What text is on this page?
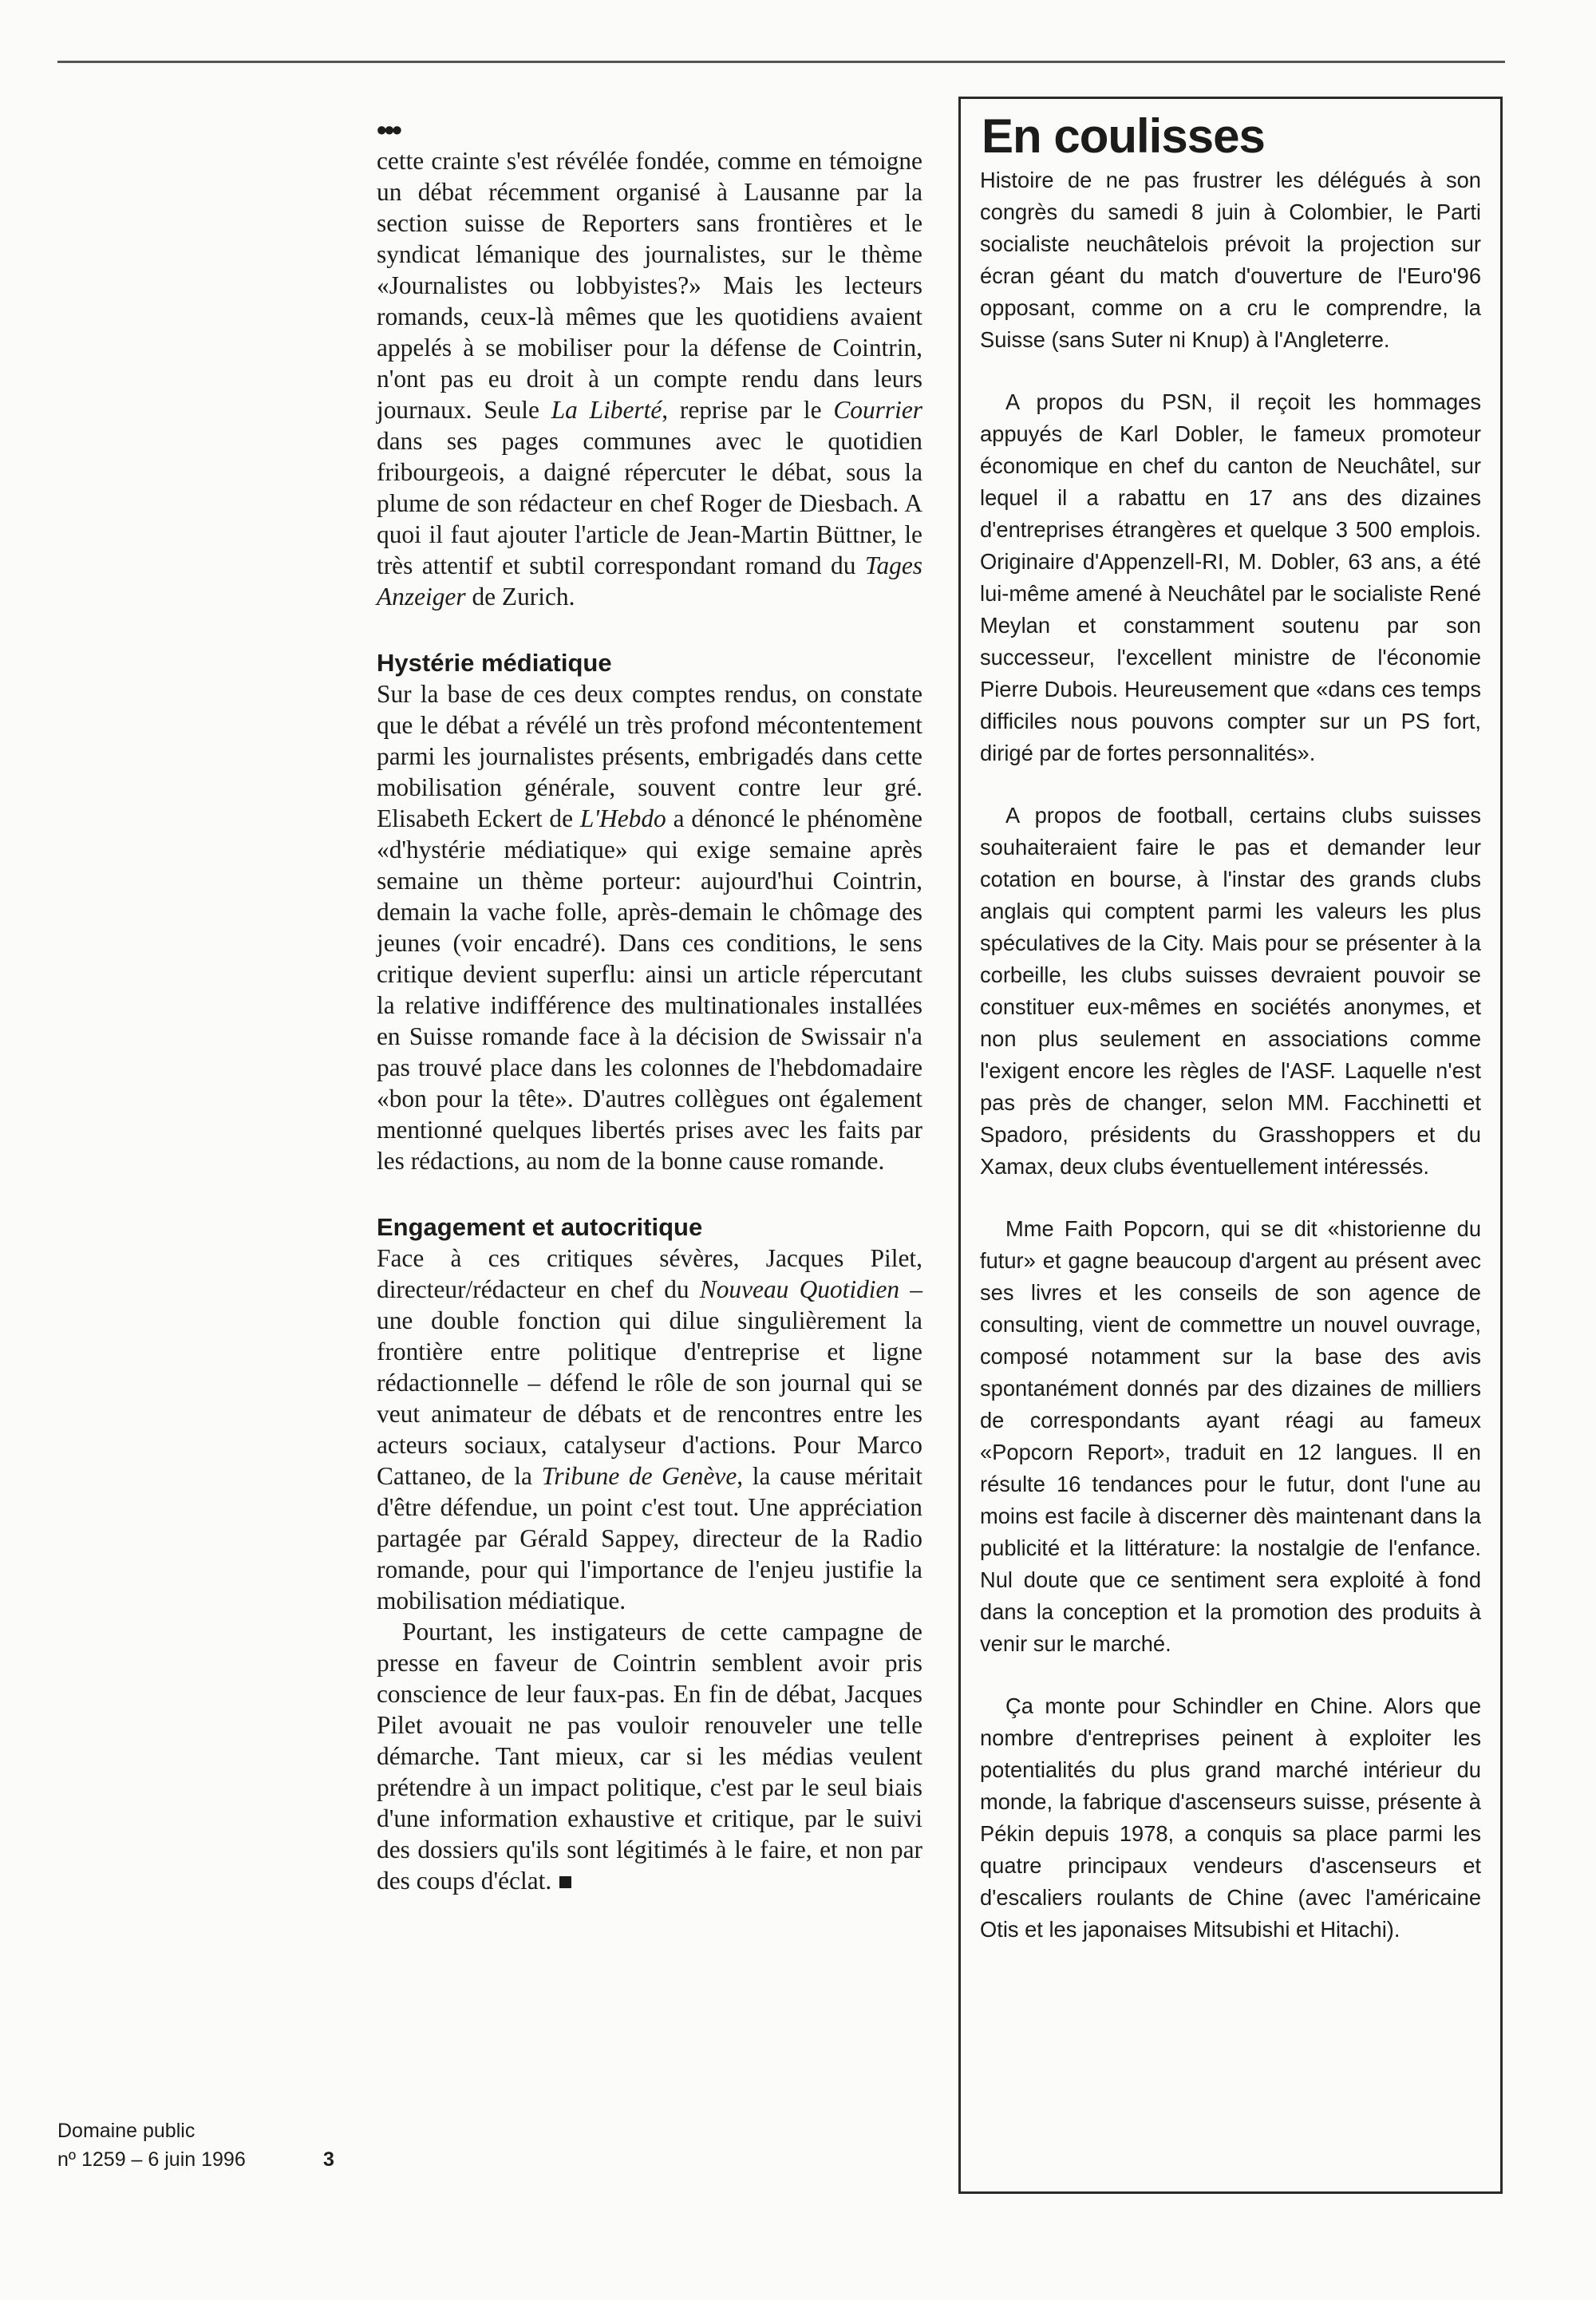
•••

cette crainte s'est révélée fondée, comme en témoigne un débat récemment organisé à Lausanne par la section suisse de Reporters sans frontières et le syndicat lémanique des journalistes, sur le thème «Journalistes ou lobbyistes?» Mais les lecteurs romands, ceux-là mêmes que les quotidiens avaient appelés à se mobiliser pour la défense de Cointrin, n'ont pas eu droit à un compte rendu dans leurs journaux. Seule La Liberté, reprise par le Courrier dans ses pages communes avec le quotidien fribourgeois, a daigné répercuter le débat, sous la plume de son rédacteur en chef Roger de Diesbach. A quoi il faut ajouter l'article de Jean-Martin Büttner, le très attentif et subtil correspondant romand du Tages Anzeiger de Zurich.

Hystérie médiatique

Sur la base de ces deux comptes rendus, on constate que le débat a révélé un très profond mécontentement parmi les journalistes présents, embrigadés dans cette mobilisation générale, souvent contre leur gré. Elisabeth Eckert de L'Hebdo a dénoncé le phénomène «d'hystérie médiatique» qui exige semaine après semaine un thème porteur: aujourd'hui Cointrin, demain la vache folle, après-demain le chômage des jeunes (voir encadré). Dans ces conditions, le sens critique devient superflu: ainsi un article répercutant la relative indifférence des multinationales installées en Suisse romande face à la décision de Swissair n'a pas trouvé place dans les colonnes de l'hebdomadaire «bon pour la tête». D'autres collègues ont également mentionné quelques libertés prises avec les faits par les rédactions, au nom de la bonne cause romande.

Engagement et autocritique

Face à ces critiques sévères, Jacques Pilet, directeur/rédacteur en chef du Nouveau Quotidien – une double fonction qui dilue singulièrement la frontière entre politique d'entreprise et ligne rédactionnelle – défend le rôle de son journal qui se veut animateur de débats et de rencontres entre les acteurs sociaux, catalyseur d'actions. Pour Marco Cattaneo, de la Tribune de Genève, la cause méritait d'être défendue, un point c'est tout. Une appréciation partagée par Gérald Sappey, directeur de la Radio romande, pour qui l'importance de l'enjeu justifie la mobilisation médiatique.

Pourtant, les instigateurs de cette campagne de presse en faveur de Cointrin semblent avoir pris conscience de leur faux-pas. En fin de débat, Jacques Pilet avouait ne pas vouloir renouveler une telle démarche. Tant mieux, car si les médias veulent prétendre à un impact politique, c'est par le seul biais d'une information exhaustive et critique, par le suivi des dossiers qu'ils sont légitimés à le faire, et non par des coups d'éclat.

En coulisses

Histoire de ne pas frustrer les délégués à son congrès du samedi 8 juin à Colombier, le Parti socialiste neuchâtelois prévoit la projection sur écran géant du match d'ouverture de l'Euro'96 opposant, comme on a cru le comprendre, la Suisse (sans Suter ni Knup) à l'Angleterre.

A propos du PSN, il reçoit les hommages appuyés de Karl Dobler, le fameux promoteur économique en chef du canton de Neuchâtel, sur lequel il a rabattu en 17 ans des dizaines d'entreprises étrangères et quelque 3 500 emplois. Originaire d'Appenzell-RI, M. Dobler, 63 ans, a été lui-même amené à Neuchâtel par le socialiste René Meylan et constamment soutenu par son successeur, l'excellent ministre de l'économie Pierre Dubois. Heureusement que «dans ces temps difficiles nous pouvons compter sur un PS fort, dirigé par de fortes personnalités».

A propos de football, certains clubs suisses souhaiteraient faire le pas et demander leur cotation en bourse, à l'instar des grands clubs anglais qui comptent parmi les valeurs les plus spéculatives de la City. Mais pour se présenter à la corbeille, les clubs suisses devraient pouvoir se constituer eux-mêmes en sociétés anonymes, et non plus seulement en associations comme l'exigent encore les règles de l'ASF. Laquelle n'est pas près de changer, selon MM. Facchinetti et Spadoro, présidents du Grasshoppers et du Xamax, deux clubs éventuellement intéressés.

Mme Faith Popcorn, qui se dit «historienne du futur» et gagne beaucoup d'argent au présent avec ses livres et les conseils de son agence de consulting, vient de commettre un nouvel ouvrage, composé notamment sur la base des avis spontanément donnés par des dizaines de milliers de correspondants ayant réagi au fameux «Popcorn Report», traduit en 12 langues. Il en résulte 16 tendances pour le futur, dont l'une au moins est facile à discerner dès maintenant dans la publicité et la littérature: la nostalgie de l'enfance. Nul doute que ce sentiment sera exploité à fond dans la conception et la promotion des produits à venir sur le marché.

Ça monte pour Schindler en Chine. Alors que nombre d'entreprises peinent à exploiter les potentialités du plus grand marché intérieur du monde, la fabrique d'ascenseurs suisse, présente à Pékin depuis 1978, a conquis sa place parmi les quatre principaux vendeurs d'ascenseurs et d'escaliers roulants de Chine (avec l'américaine Otis et les japonaises Mitsubishi et Hitachi).

Domaine public
nº 1259 – 6 juin 1996	3
